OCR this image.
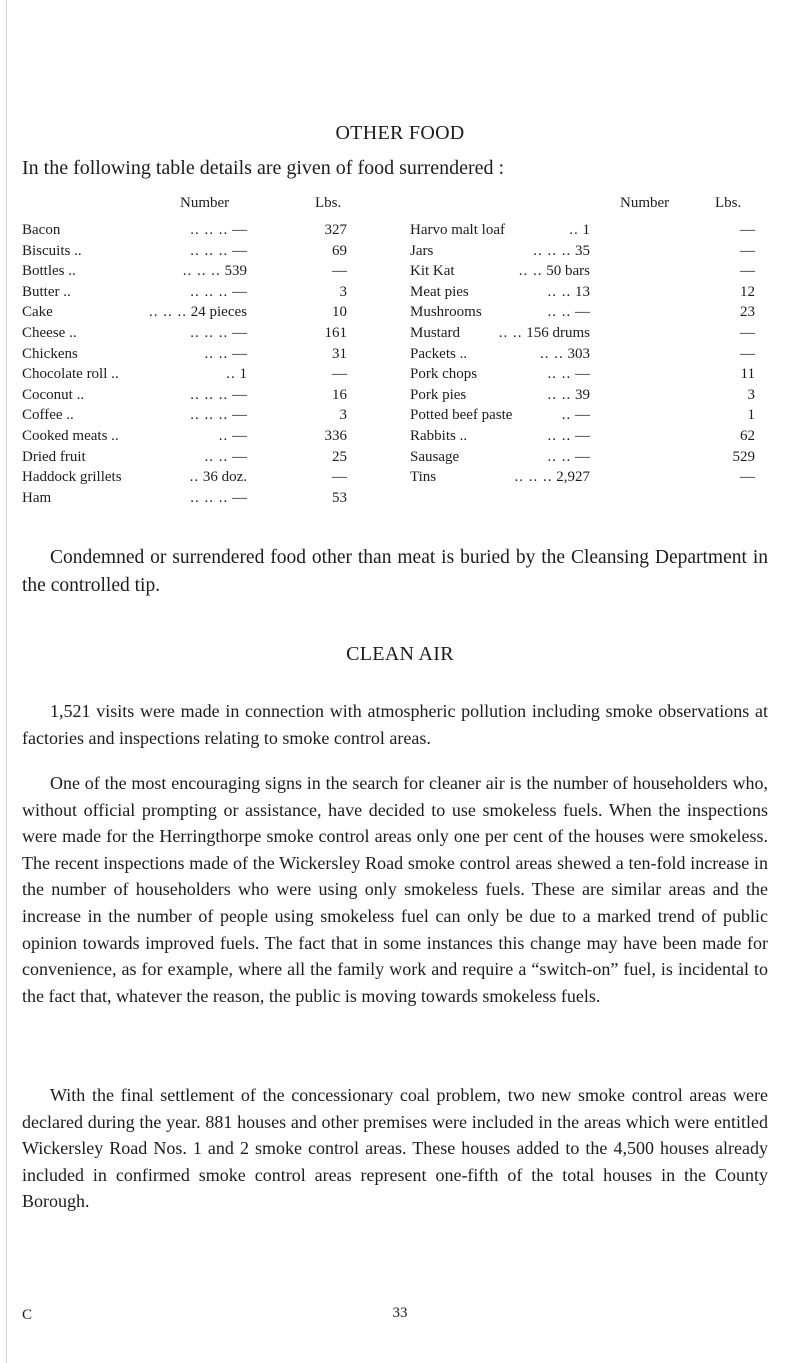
OTHER FOOD
In the following table details are given of food surrendered :
Number	Lbs.
Bacon	.. .. .. —	327
Biscuits ..	.. .. .. —	69
Bottles ..	.. .. .. 539	—
Butter ..	.. .. .. —	3
Cake	.. .. .. 24 pieces	10
Cheese ..	.. .. .. —	161
Chickens	.. .. —	31
Chocolate roll ..	.. 1	—
Coconut ..	.. .. .. —	16
Coffee ..	.. .. .. —	3
Cooked meats ..	.. —	336
Dried fruit	.. .. —	25
Haddock grillets	.. 36 doz.	—
Ham	.. .. .. —	53
Number	Lbs.
Harvo malt loaf	.. 1	—
Jars	.. .. .. 35	—
Kit Kat	.. .. 50 bars	—
Meat pies	.. .. 13	12
Mushrooms	.. .. —	23
Mustard	.. .. 156 drums	—
Packets ..	.. .. 303	—
Pork chops	.. .. —	11
Pork pies	.. .. 39	3
Potted beef paste	.. —	1
Rabbits ..	.. .. —	62
Sausage	.. .. —	529
Tins	.. .. .. 2,927	—

Condemned or surrendered food other than meat is buried by the Cleansing Department in the controlled tip.

CLEAN AIR

1,521 visits were made in connection with atmospheric pollution including smoke observations at factories and inspections relating to smoke control areas.

One of the most encouraging signs in the search for cleaner air is the number of householders who, without official prompting or assistance, have decided to use smokeless fuels. When the inspections were made for the Herringthorpe smoke control areas only one per cent of the houses were smokeless. The recent inspections made of the Wickersley Road smoke control areas shewed a ten-fold increase in the number of householders who were using only smokeless fuels. These are similar areas and the increase in the number of people using smokeless fuel can only be due to a marked trend of public opinion towards improved fuels. The fact that in some instances this change may have been made for convenience, as for example, where all the family work and require a “switch-on” fuel, is incidental to the fact that, whatever the reason, the public is moving towards smokeless fuels.

With the final settlement of the concessionary coal problem, two new smoke control areas were declared during the year. 881 houses and other premises were included in the areas which were entitled Wickersley Road Nos. 1 and 2 smoke control areas. These houses added to the 4,500 houses already included in confirmed smoke control areas represent one-fifth of the total houses in the County Borough.

C	33
